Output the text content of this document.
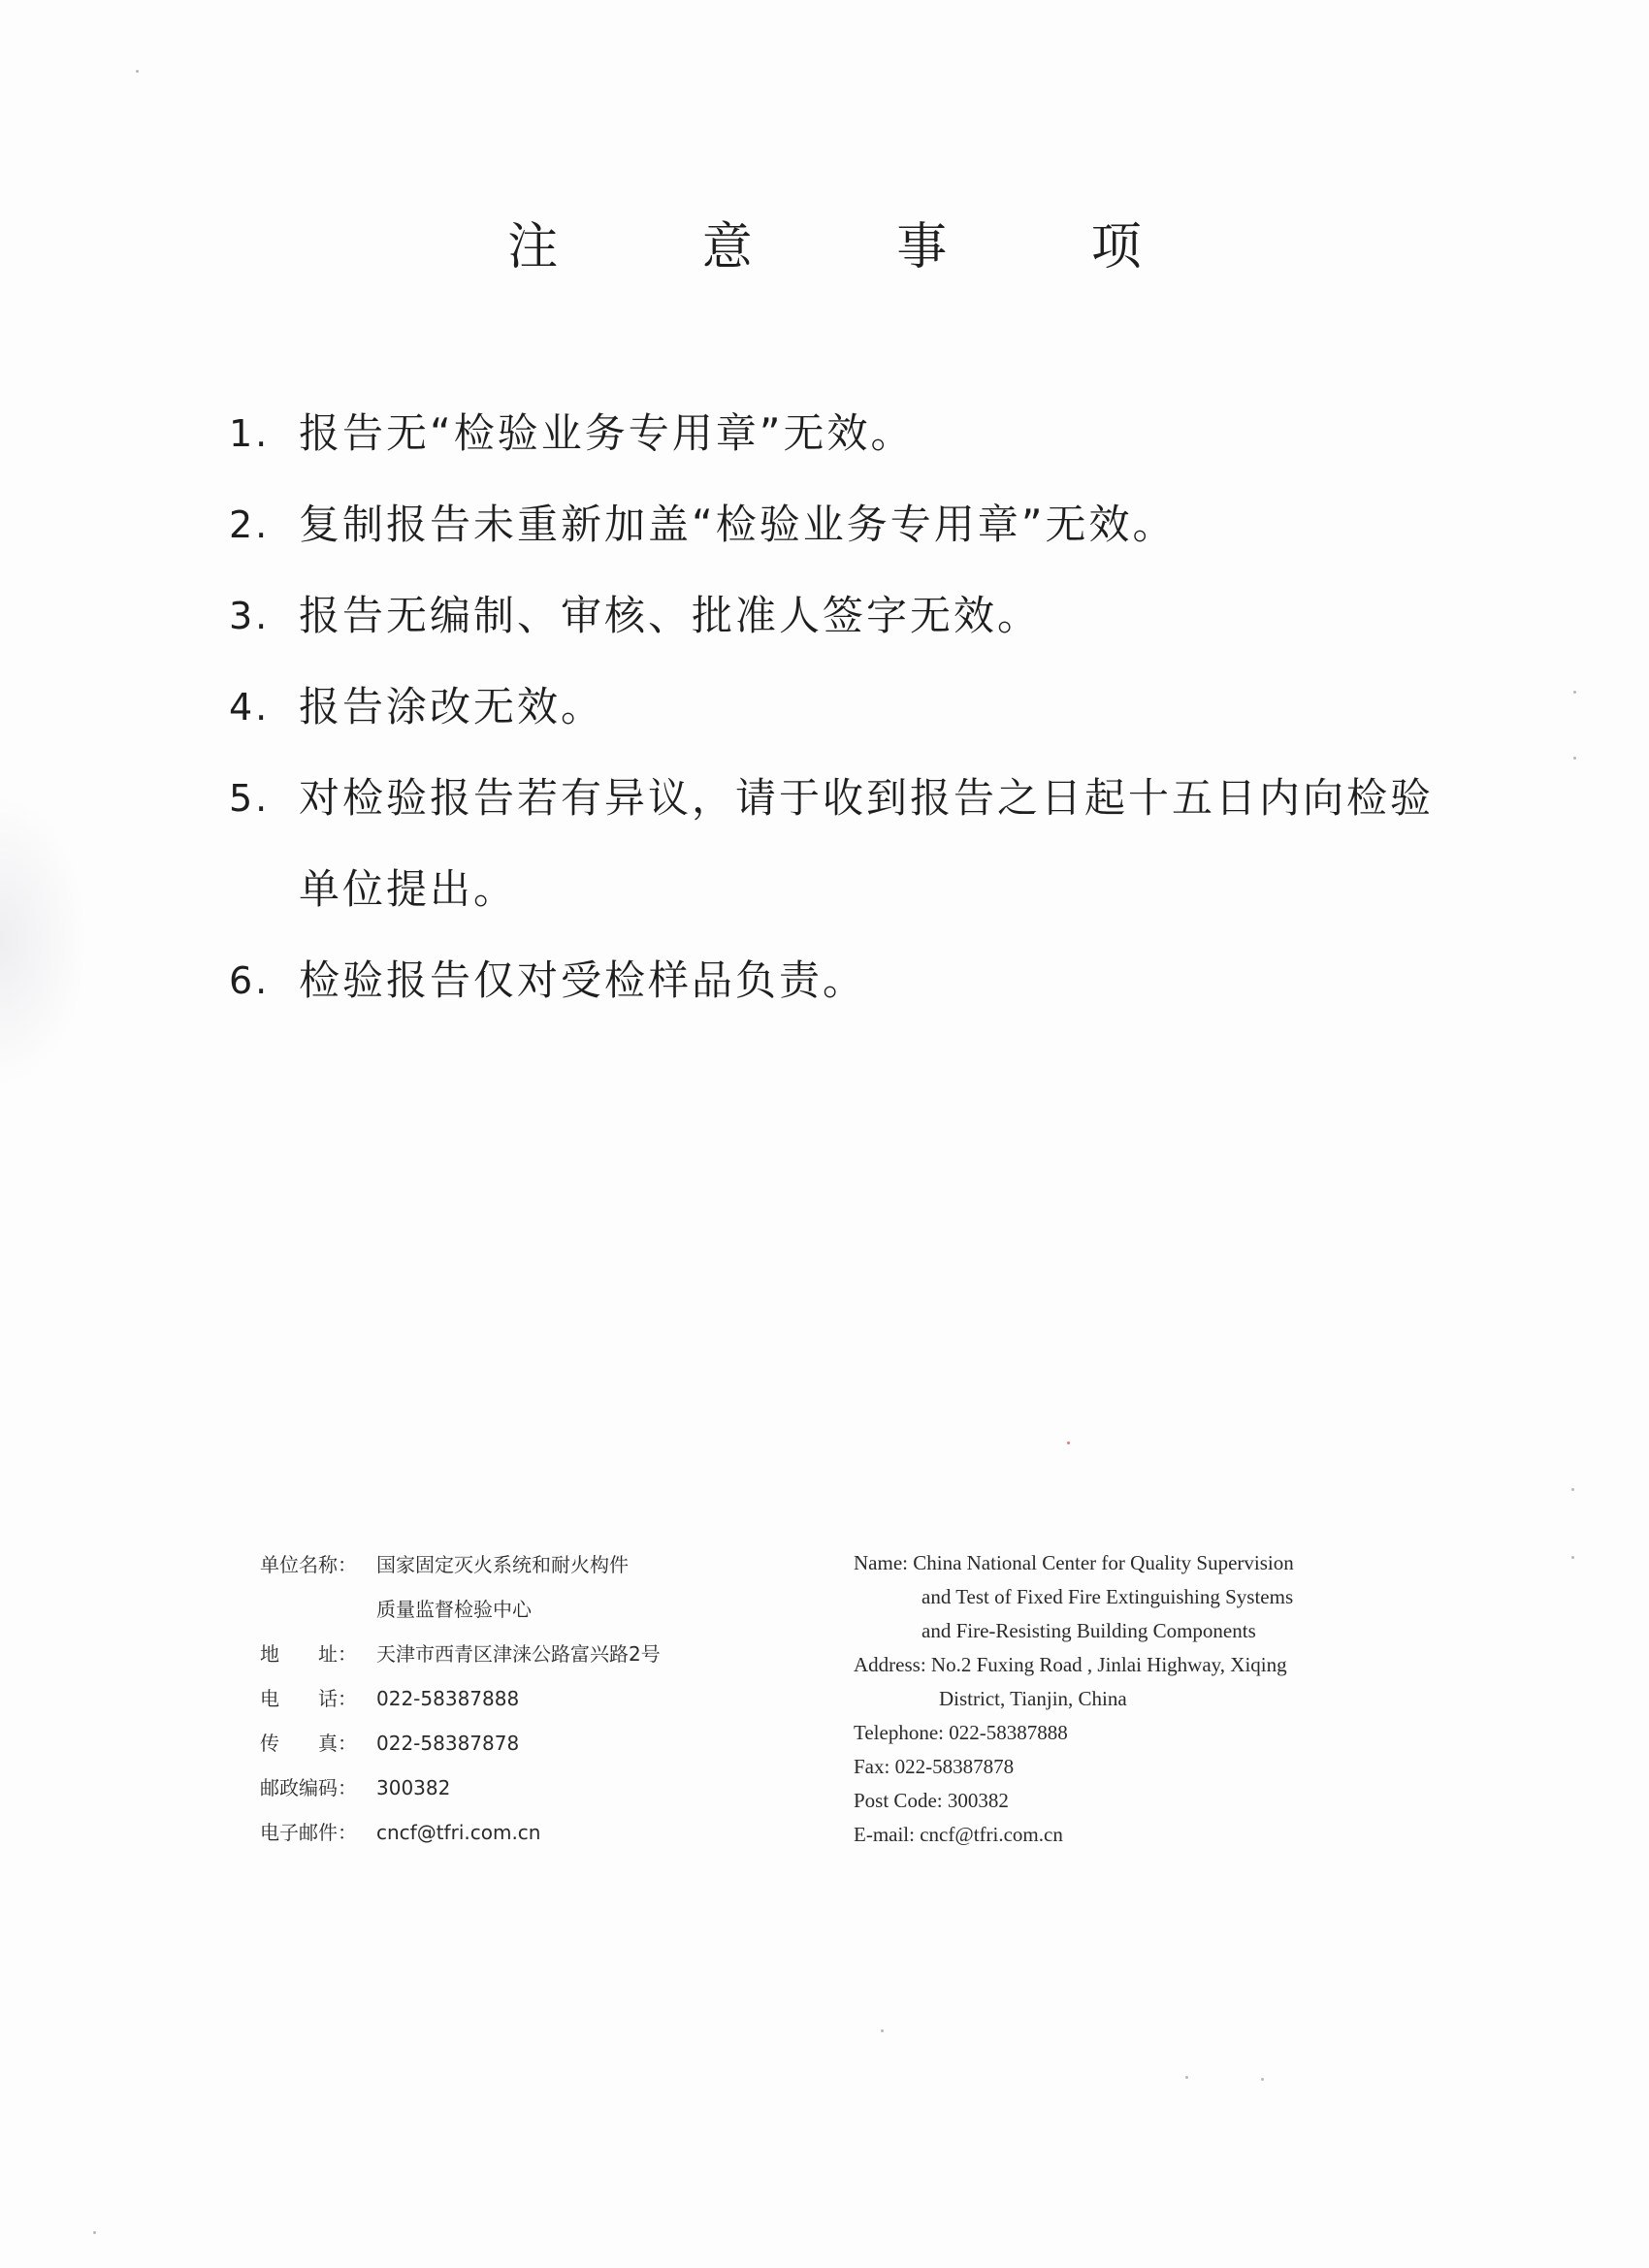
注 意 事 项
1. 报告无“检验业务专用章”无效。
2. 复制报告未重新加盖“检验业务专用章”无效。
3. 报告无编制、审核、批准人签字无效。
4. 报告涂改无效。
5. 对检验报告若有异议，请于收到报告之日起十五日内向检验单位提出。
6. 检验报告仅对受检样品负责。
单位名称：	国家固定灭火系统和耐火构件
质量监督检验中心
地　　址：	天津市西青区津涞公路富兴路2号
电　　话：	022-58387888
传　　真：	022-58387878
邮政编码：	300382
电子邮件：	cncf@tfri.com.cn
Name: China National Center for Quality Supervision
and Test of Fixed Fire Extinguishing Systems
and Fire-Resisting Building Components
Address: No.2 Fuxing Road , Jinlai Highway, Xiqing
District, Tianjin, China
Telephone: 022-58387888
Fax: 022-58387878
Post Code: 300382
E-mail: cncf@tfri.com.cn
